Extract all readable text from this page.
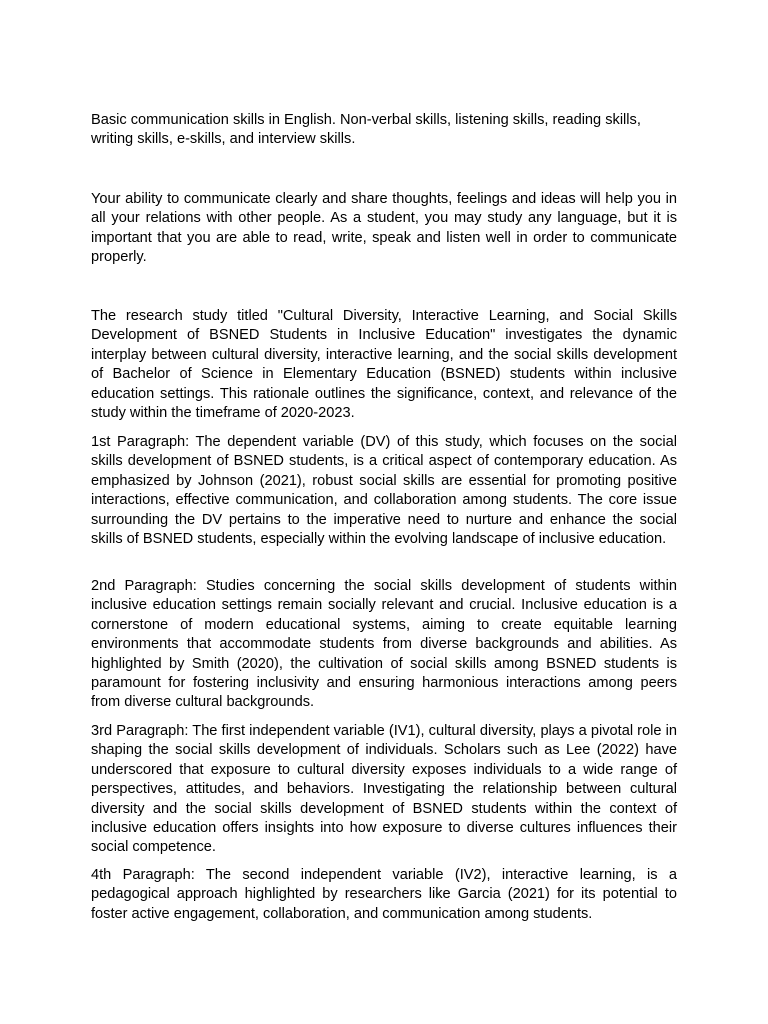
Basic communication skills in English. Non-verbal skills, listening skills, reading skills, writing skills, e-skills, and interview skills.

Your ability to communicate clearly and share thoughts, feelings and ideas will help you in all your relations with other people. As a student, you may study any language, but it is important that you are able to read, write, speak and listen well in order to communicate properly.

The research study titled "Cultural Diversity, Interactive Learning, and Social Skills Development of BSNED Students in Inclusive Education" investigates the dynamic interplay between cultural diversity, interactive learning, and the social skills development of Bachelor of Science in Elementary Education (BSNED) students within inclusive education settings. This rationale outlines the significance, context, and relevance of the study within the timeframe of 2020-2023.

1st Paragraph: The dependent variable (DV) of this study, which focuses on the social skills development of BSNED students, is a critical aspect of contemporary education. As emphasized by Johnson (2021), robust social skills are essential for promoting positive interactions, effective communication, and collaboration among students. The core issue surrounding the DV pertains to the imperative need to nurture and enhance the social skills of BSNED students, especially within the evolving landscape of inclusive education.

2nd Paragraph: Studies concerning the social skills development of students within inclusive education settings remain socially relevant and crucial. Inclusive education is a cornerstone of modern educational systems, aiming to create equitable learning environments that accommodate students from diverse backgrounds and abilities. As highlighted by Smith (2020), the cultivation of social skills among BSNED students is paramount for fostering inclusivity and ensuring harmonious interactions among peers from diverse cultural backgrounds.

3rd Paragraph: The first independent variable (IV1), cultural diversity, plays a pivotal role in shaping the social skills development of individuals. Scholars such as Lee (2022) have underscored that exposure to cultural diversity exposes individuals to a wide range of perspectives, attitudes, and behaviors. Investigating the relationship between cultural diversity and the social skills development of BSNED students within the context of inclusive education offers insights into how exposure to diverse cultures influences their social competence.

4th Paragraph: The second independent variable (IV2), interactive learning, is a pedagogical approach highlighted by researchers like Garcia (2021) for its potential to foster active engagement, collaboration, and communication among students.
